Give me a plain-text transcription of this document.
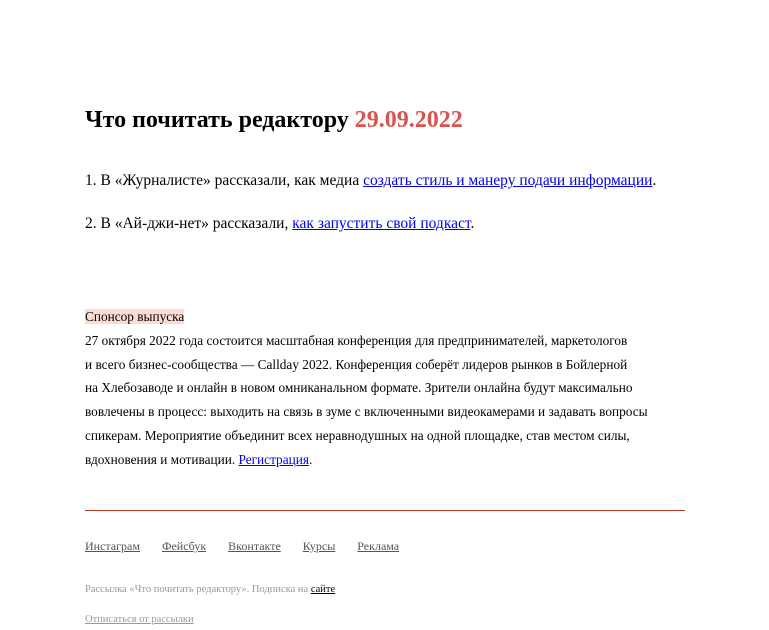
Что почитать редактору 29.09.2022

1. В «Журналисте» рассказали, как медиа создать стиль и манеру подачи информации.

2. В «Ай-джи-нет» рассказали, как запустить свой подкаст.

Спонсор выпуска
27 октября 2022 года состоится масштабная конференция для предпринимателей, маркетологов
и всего бизнес-сообщества — Callday 2022. Конференция соберёт лидеров рынков в Бойлерной
на Хлебозаводе и онлайн в новом омниканальном формате. Зрители онлайна будут максимально
вовлечены в процесс: выходить на связь в зуме с включенными видеокамерами и задавать вопросы
спикерам. Мероприятие объединит всех неравнодушных на одной площадке, став местом силы,
вдохновения и мотивации. Регистрация.
Инстаграм Фейсбук Вконтакте Курсы Реклама
Рассылка «Что почитать редактору». Подписка на сайте
Отписаться от рассылки
